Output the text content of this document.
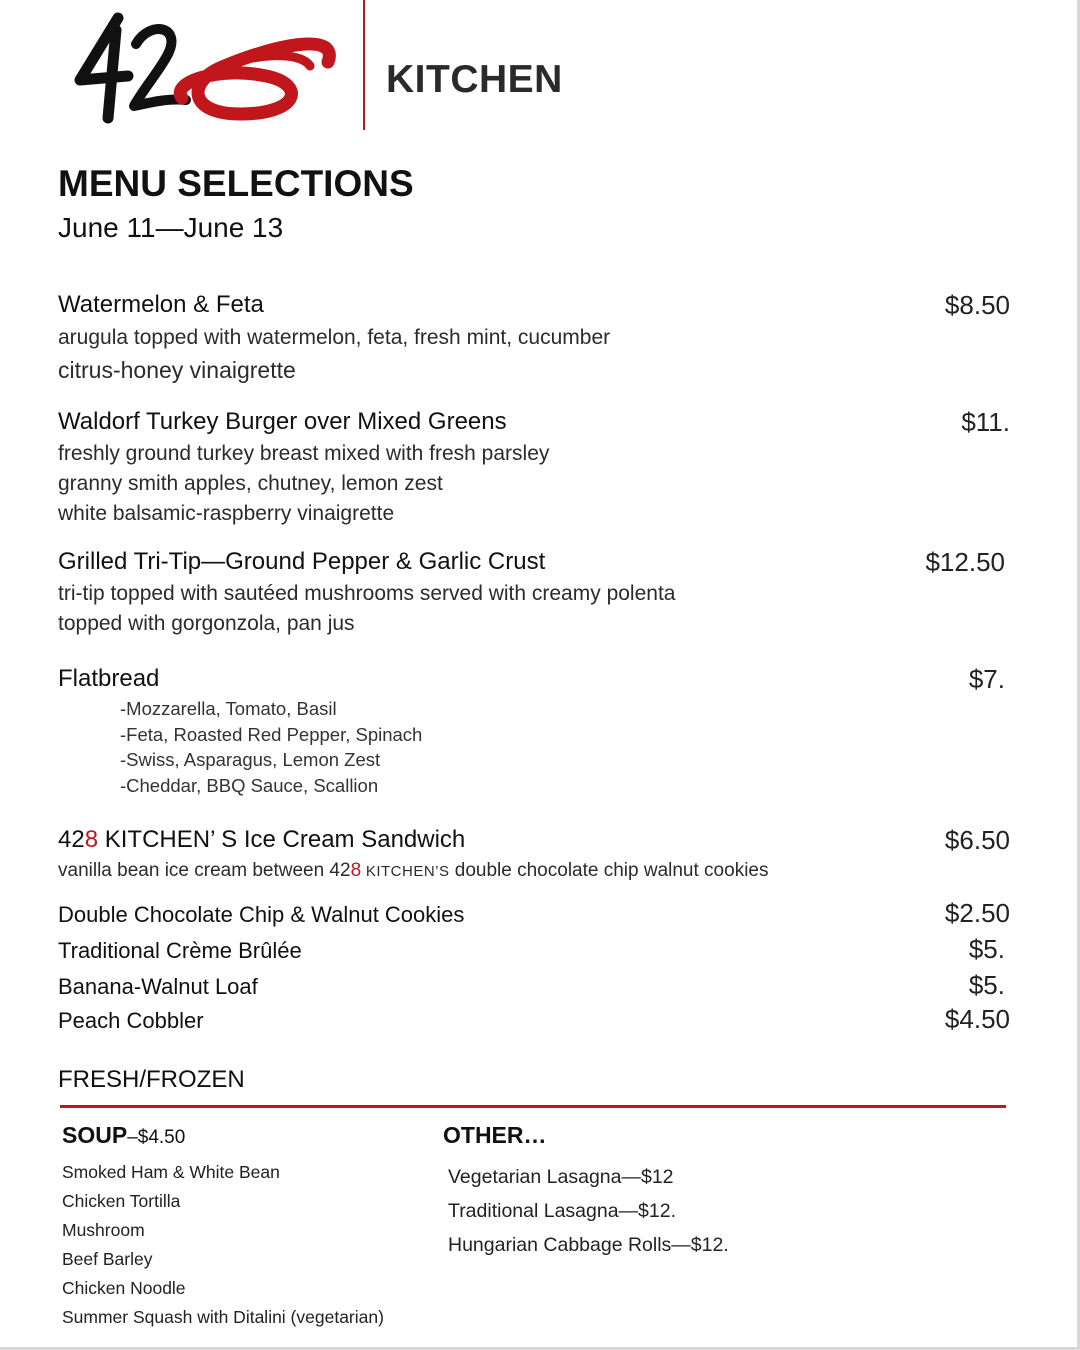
KITCHEN
MENU SELECTIONS
June 11—June 13
Watermelon & Feta	$8.50
arugula topped with watermelon, feta, fresh mint, cucumber
citrus-honey vinaigrette
Waldorf Turkey Burger over Mixed Greens	$11.
freshly ground turkey breast mixed with fresh parsley
granny smith apples, chutney, lemon zest
white balsamic-raspberry vinaigrette
Grilled Tri-Tip—Ground Pepper & Garlic Crust	$12.50
tri-tip topped with sautéed mushrooms served with creamy polenta
topped with gorgonzola, pan jus
Flatbread	$7.
-Mozzarella, Tomato, Basil
-Feta, Roasted Red Pepper, Spinach
-Swiss, Asparagus, Lemon Zest
-Cheddar, BBQ Sauce, Scallion
428 KITCHEN’ S Ice Cream Sandwich	$6.50
vanilla bean ice cream between 428 KITCHEN’S double chocolate chip walnut cookies
Double Chocolate Chip & Walnut Cookies	$2.50
Traditional Crème Brûlée	$5.
Banana-Walnut Loaf	$5.
Peach Cobbler	$4.50
FRESH/FROZEN
SOUP–$4.50
Smoked Ham & White Bean
Chicken Tortilla
Mushroom
Beef Barley
Chicken Noodle
Summer Squash with Ditalini (vegetarian)
OTHER…
Vegetarian Lasagna—$12
Traditional Lasagna—$12.
Hungarian Cabbage Rolls—$12.
